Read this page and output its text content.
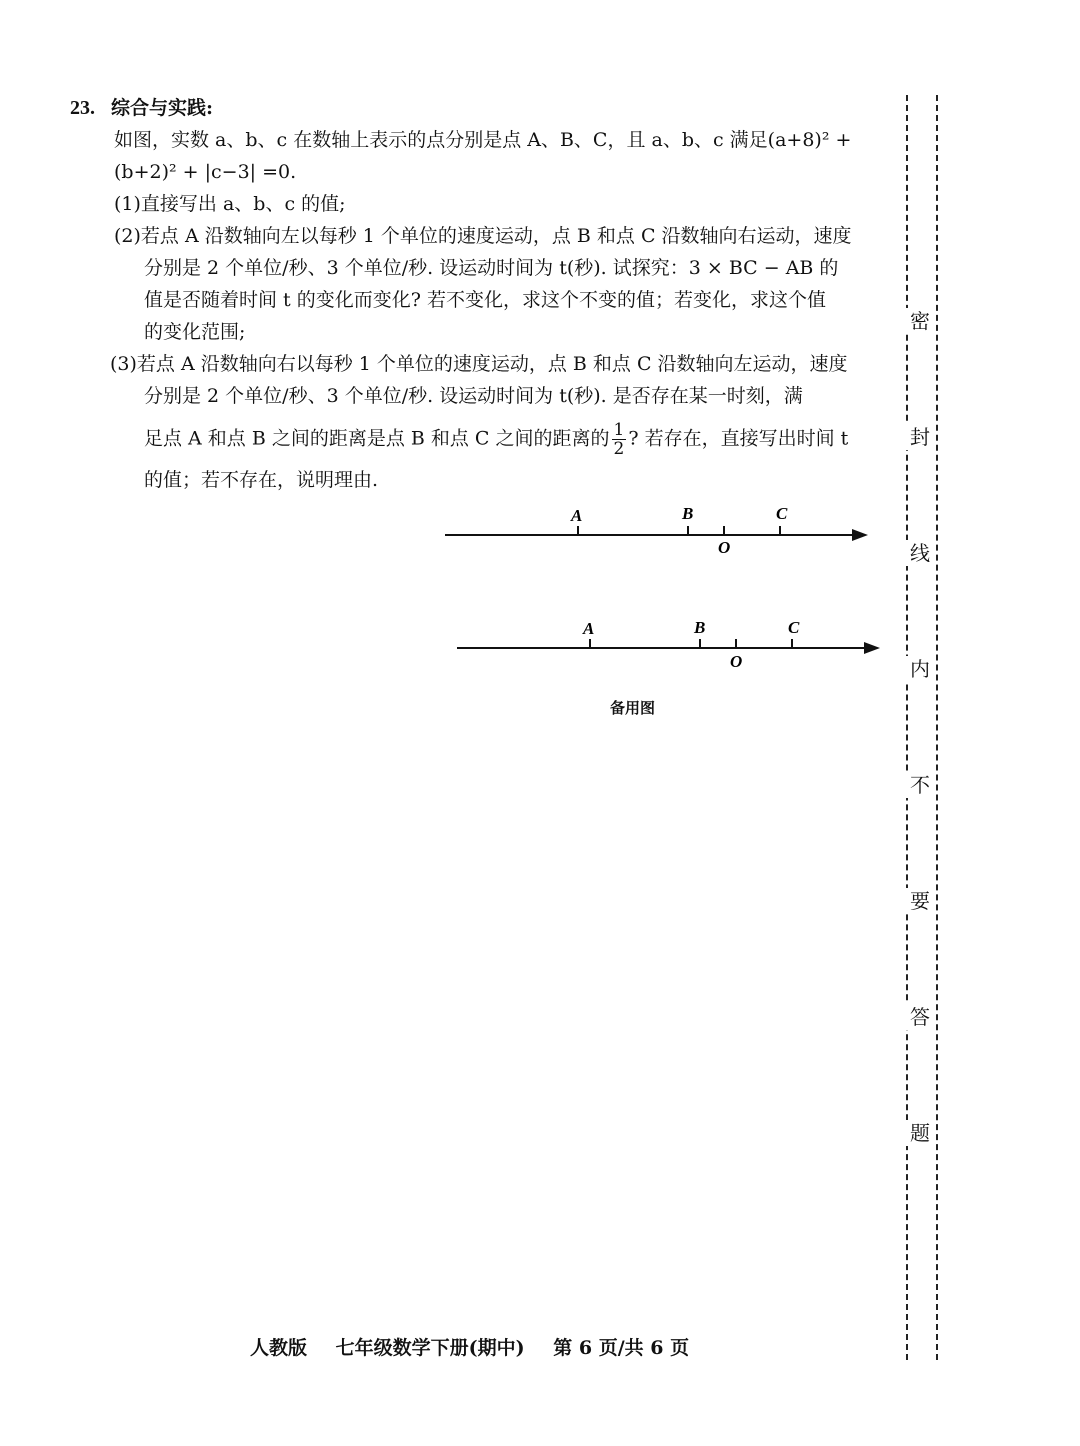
23. 综合与实践:
如图，实数 a、b、c 在数轴上表示的点分别是点 A、B、C，且 a、b、c 满足(a+8)² +
(b+2)² + |c−3| =0.
(1)直接写出 a、b、c 的值;
(2)若点 A 沿数轴向左以每秒 1 个单位的速度运动，点 B 和点 C 沿数轴向右运动，速度
分别是 2 个单位/秒、3 个单位/秒. 设运动时间为 t(秒). 试探究：3 × BC − AB 的
值是否随着时间 t 的变化而变化? 若不变化，求这个不变的值；若变化，求这个值
的变化范围;
(3)若点 A 沿数轴向右以每秒 1 个单位的速度运动，点 B 和点 C 沿数轴向左运动，速度
分别是 2 个单位/秒、3 个单位/秒. 设运动时间为 t(秒). 是否存在某一时刻，满
足点 A 和点 B 之间的距离是点 B 和点 C 之间的距离的 $\frac{1}{2}$ ? 若存在，直接写出时间 t
的值；若不存在，说明理由.
A	B
O
C
A	B
O
C
备用图
密
封
线
内
不
要
答
题
人教版 七年级数学下册(期中) 第 6 页/共 6 页
